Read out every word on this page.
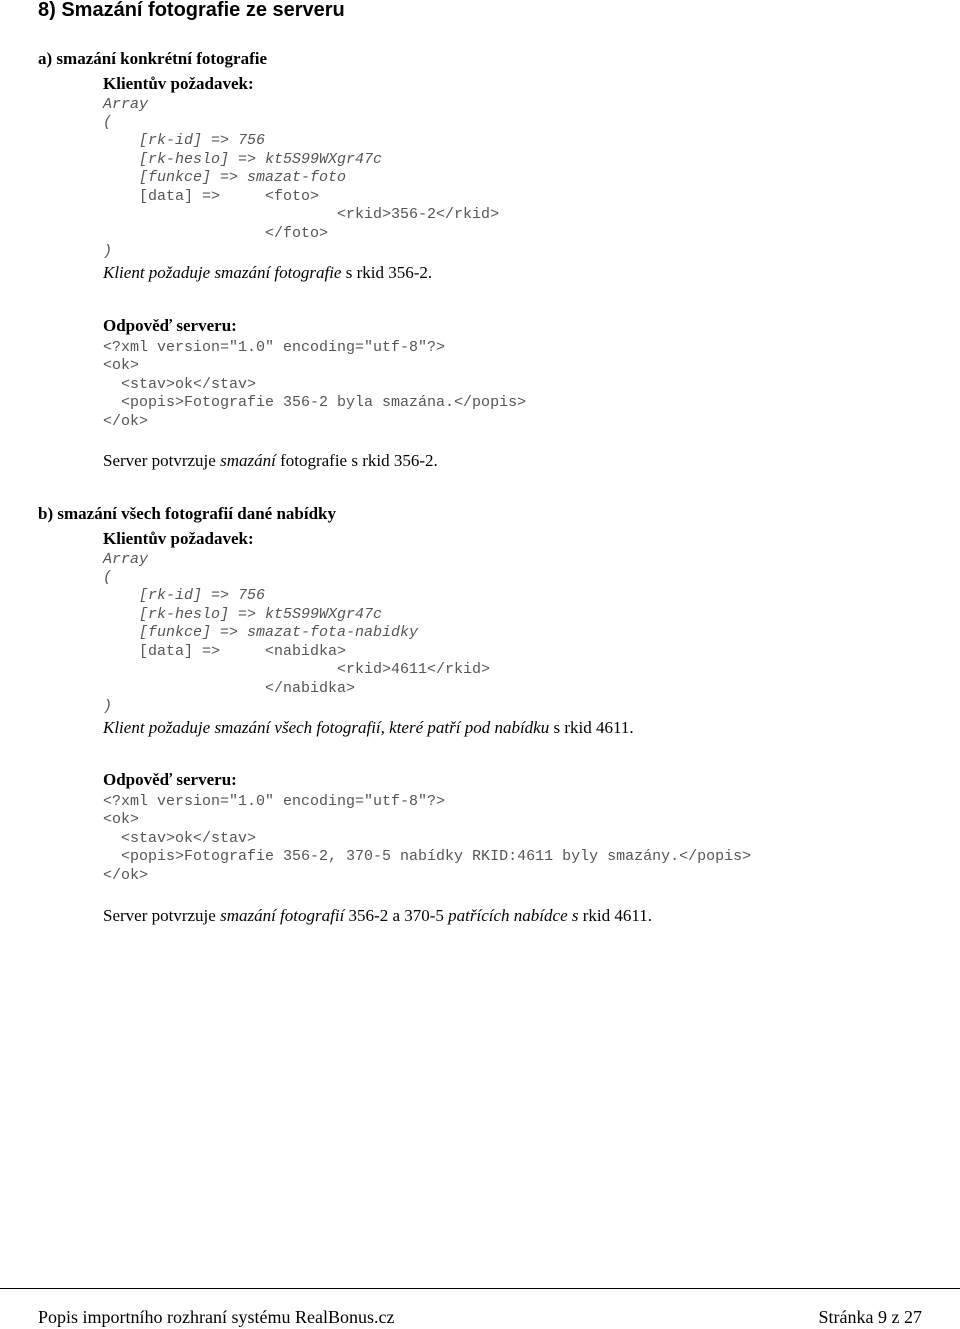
8) Smazání fotografie ze serveru
a) smazání konkrétní fotografie
Klientův požadavek:
Array
(
[rk-id] => 756
[rk-heslo] => kt5S99WXgr47c
[funkce] => smazat-foto
[data] =>     <foto>
<rkid>356-2</rkid>
</foto>
)
Klient požaduje smazání fotografie s rkid 356-2.
Odpověď serveru:
<?xml version="1.0" encoding="utf-8"?>
<ok>
<stav>ok</stav>
<popis>Fotografie 356-2 byla smazána.</popis>
</ok>
Server potvrzuje smazání fotografie s rkid 356-2.
b) smazání všech fotografií dané nabídky
Klientův požadavek:
Array
(
[rk-id] => 756
[rk-heslo] => kt5S99WXgr47c
[funkce] => smazat-fota-nabidky
[data] =>     <nabidka>
<rkid>4611</rkid>
</nabidka>
)
Klient požaduje smazání všech fotografií, které patří pod nabídku s rkid 4611.
Odpověď serveru:
<?xml version="1.0" encoding="utf-8"?>
<ok>
<stav>ok</stav>
<popis>Fotografie 356-2, 370-5 nabídky RKID:4611 byly smazány.</popis>
</ok>
Server potvrzuje smazání fotografií 356-2 a 370-5 patřících nabídce s rkid 4611.
Popis importního rozhraní systému RealBonus.cz	Stránka 9 z 27
